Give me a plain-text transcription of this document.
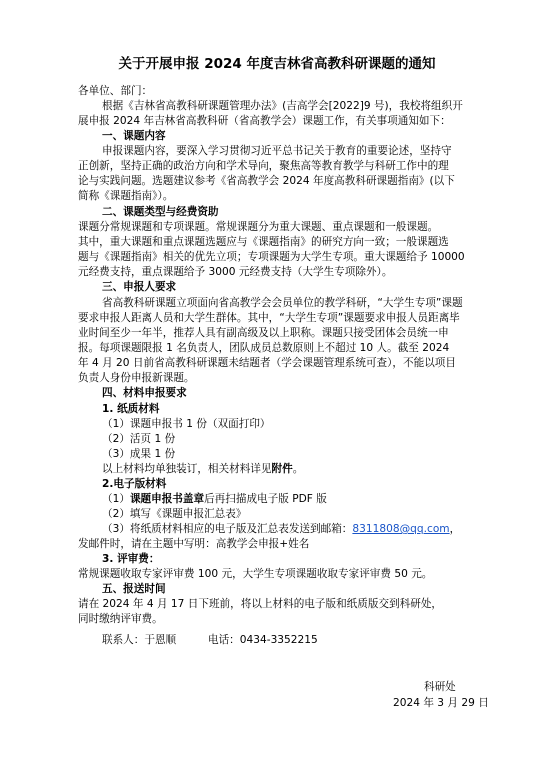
关于开展申报 2024 年度吉林省高教科研课题的通知
各单位、部门：
根据《吉林省高教科研课题管理办法》(吉高学会[2022]9 号)，我校将组织开
展申报 2024 年吉林省高教科研（省高教学会）课题工作，有关事项通知如下：
一、课题内容
申报课题内容，要深入学习贯彻习近平总书记关于教育的重要论述，坚持守
正创新，坚持正确的政治方向和学术导向，聚焦高等教育教学与科研工作中的理
论与实践问题。选题建议参考《省高教学会 2024 年度高教科研课题指南》(以下
简称《课题指南》）。
二、课题类型与经费资助
课题分常规课题和专项课题。常规课题分为重大课题、重点课题和一般课题。
其中，重大课题和重点课题选题应与《课题指南》的研究方向一致；一般课题选
题与《课题指南》相关的优先立项；专项课题为大学生专项。重大课题给予 10000
元经费支持，重点课题给予 3000 元经费支持（大学生专项除外）。
三、申报人要求
省高教科研课题立项面向省高教学会会员单位的教学科研，“大学生专项”课题
要求申报人距离人员和大学生群体。其中，“大学生专项”课题要求申报人员距离毕
业时间至少一年半，推荐人具有副高级及以上职称。课题只接受团体会员统一申
报。每项课题限报 1 名负责人，团队成员总数原则上不超过 10 人。截至 2024
年 4 月 20 日前省高教科研课题未结题者（学会课题管理系统可查），不能以项目
负责人身份申报新课题。
四、材料申报要求
1. 纸质材料
（1）课题申报书 1 份（双面打印）
（2）活页 1 份
（3）成果 1 份
以上材料均单独装订，相关材料详见附件。
2.电子版材料
（1）课题申报书盖章后再扫描成电子版 PDF 版
（2）填写《课题申报汇总表》
（3）将纸质材料相应的电子版及汇总表发送到邮箱：8311808@qq.com，
发邮件时，请在主题中写明：高教学会申报+姓名
3. 评审费：
常规课题收取专家评审费 100 元，大学生专项课题收取专家评审费 50 元。
五、报送时间
请在 2024 年 4 月 17 日下班前，将以上材料的电子版和纸质版交到科研处，
同时缴纳评审费。
联系人：于恩顺	电话：0434-3352215
科研处
2024 年 3 月 29 日
